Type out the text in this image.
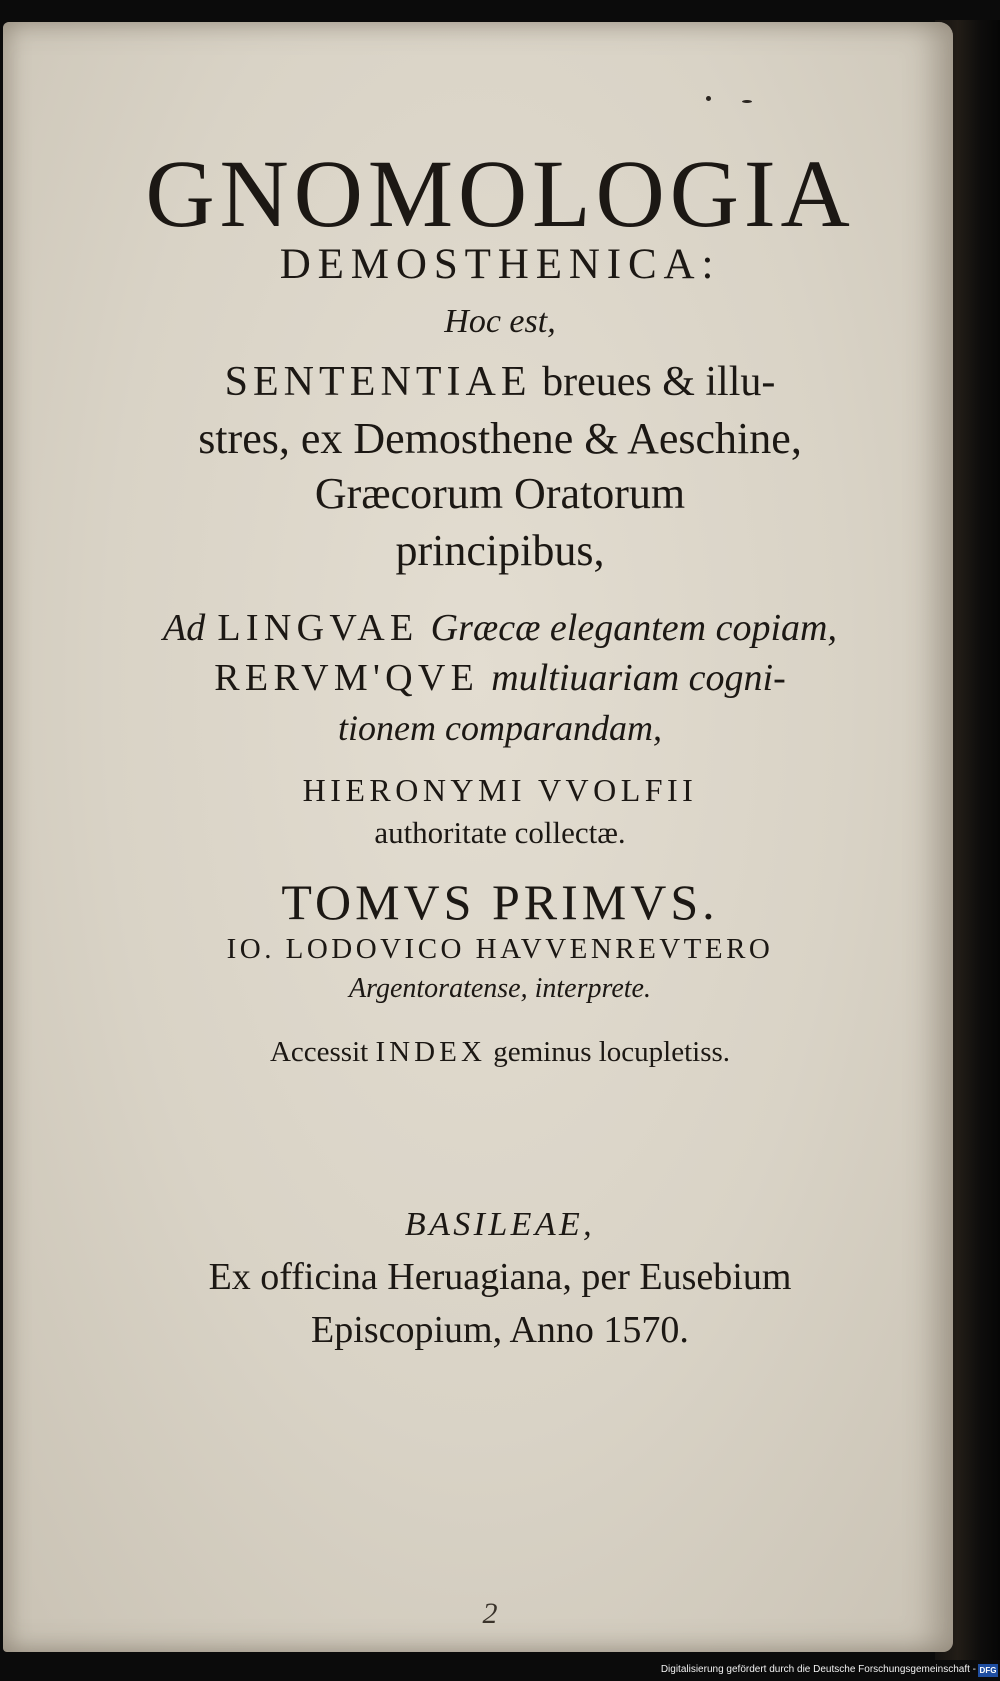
GNOMOLOGIA
DEMOSTHENICA:
Hoc est,
SENTENTIAE breues & illu-
stres, ex Demosthene & Aeschine,
Græcorum Oratorum
principibus,
Ad LINGVAE Græcæ elegantem copiam,
RERVM'QVE multiuariam cogni-
tionem comparandam,
HIERONYMI VVOLFII
authoritate collectæ.
TOMVS PRIMVS.
IO. LODOVICO HAVVENREVTERO
Argentoratense, interprete.
Accessit INDEX geminus locupletiss.
BASILEAE,
Ex officina Heruagiana, per Eusebium
Episcopium, Anno 1570.
2
Digitalisierung gefördert durch die Deutsche Forschungsgemeinschaft - DFG
